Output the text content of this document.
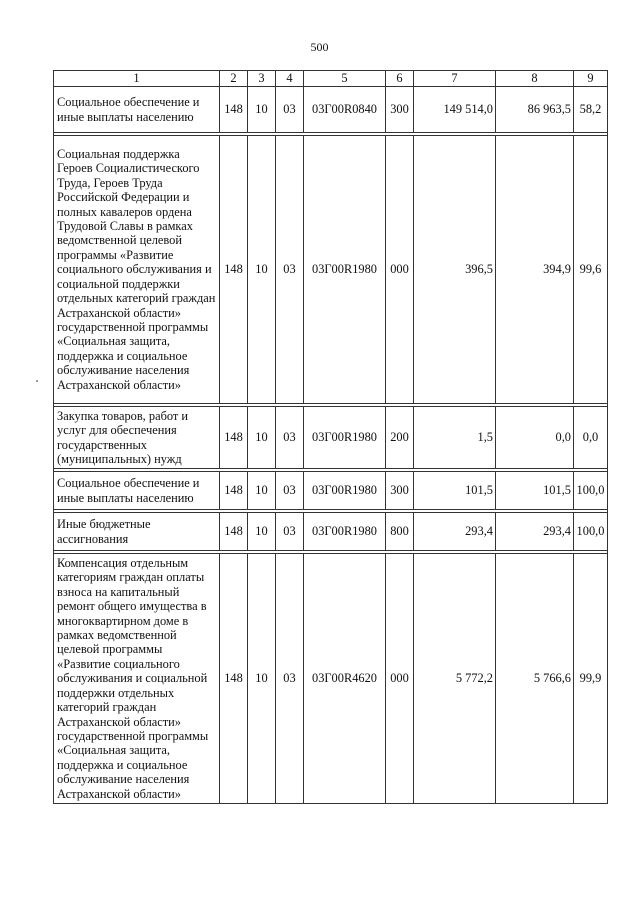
500
1	2	3	4	5	6	7	8	9
Социальное обеспечение и иные выплаты населению	148	10	03	03Г00R0840	300	149 514,0	86 963,5	58,2

Социальная поддержка Героев Социалистического Труда, Героев Труда Российской Федерации и полных кавалеров ордена Трудовой Славы в рамках ведомственной целевой программы «Развитие социального обслуживания и социальной поддержки отдельных категорий граждан Астраханской области» государственной программы «Социальная защита, поддержка и социальное обслуживание населения Астраханской области»	148	10	03	03Г00R1980	000	396,5	394,9	99,6

Закупка товаров, работ и услуг для обеспечения государственных (муниципальных) нужд	148	10	03	03Г00R1980	200	1,5	0,0	0,0

Социальное обеспечение и иные выплаты населению	148	10	03	03Г00R1980	300	101,5	101,5	100,0

Иные бюджетные ассигнования	148	10	03	03Г00R1980	800	293,4	293,4	100,0

Компенсация отдельным категориям граждан оплаты взноса на капитальный ремонт общего имущества в многоквартирном доме в рамках ведомственной целевой программы «Развитие социального обслуживания и социальной поддержки отдельных категорий граждан Астраханской области» государственной программы «Социальная защита, поддержка и социальное обслуживание населения Астраханской области»	148	10	03	03Г00R4620	000	5 772,2	5 766,6	99,9
